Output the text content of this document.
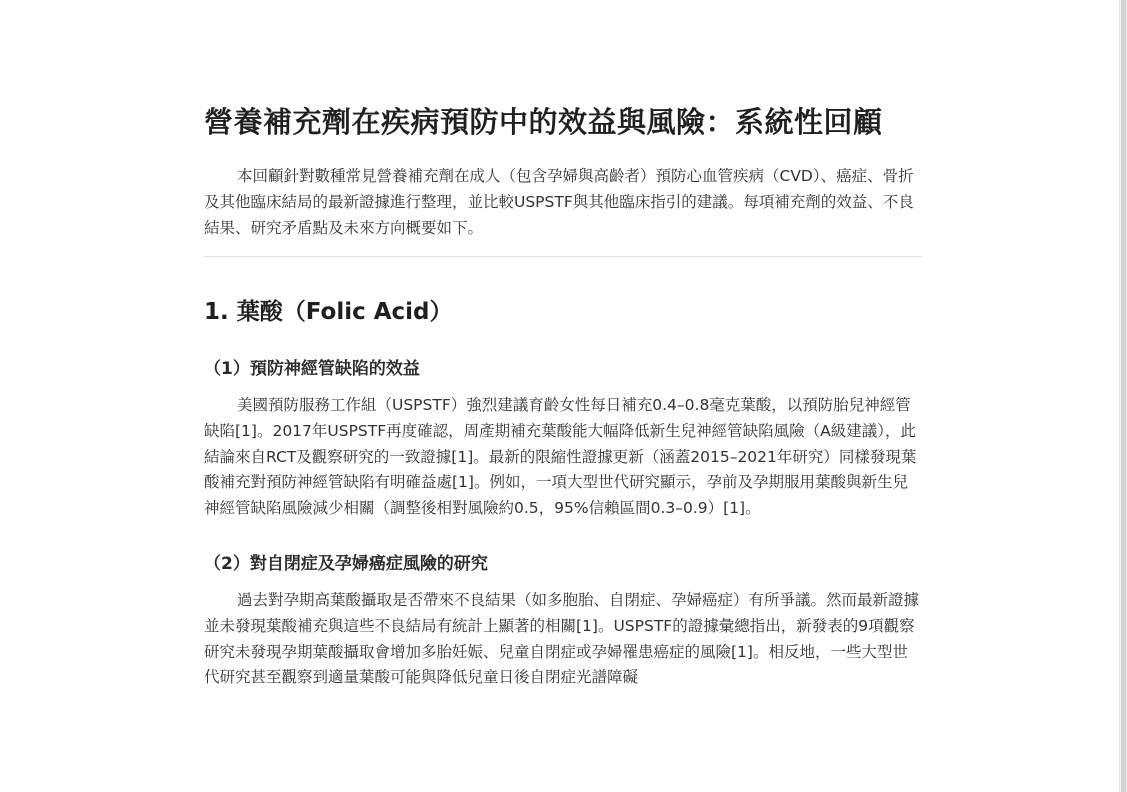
營養補充劑在疾病預防中的效益與風險：系統性回顧

本回顧針對數種常見營養補充劑在成人（包含孕婦與高齡者）預防心血管疾病（CVD）、癌症、骨折及其他臨床結局的最新證據進行整理，並比較USPSTF與其他臨床指引的建議。每項補充劑的效益、不良結果、研究矛盾點及未來方向概要如下。

1. 葉酸（Folic Acid）
（1）預防神經管缺陷的效益

美國預防服務工作組（USPSTF）強烈建議育齡女性每日補充0.4–0.8毫克葉酸，以預防胎兒神經管缺陷[1]。2017年USPSTF再度確認，周產期補充葉酸能大幅降低新生兒神經管缺陷風險（A級建議），此結論來自RCT及觀察研究的一致證據[1]。最新的限縮性證據更新（涵蓋2015–2021年研究）同樣發現葉酸補充對預防神經管缺陷有明確益處[1]。例如，一項大型世代研究顯示，孕前及孕期服用葉酸與新生兒神經管缺陷風險減少相關（調整後相對風險約0.5，95%信賴區間0.3–0.9）[1]。

（2）對自閉症及孕婦癌症風險的研究

過去對孕期高葉酸攝取是否帶來不良結果（如多胞胎、自閉症、孕婦癌症）有所爭議。然而最新證據並未發現葉酸補充與這些不良結局有統計上顯著的相關[1]。USPSTF的證據彙總指出，新發表的9項觀察研究未發現孕期葉酸攝取會增加多胎妊娠、兒童自閉症或孕婦罹患癌症的風險[1]。相反地，一些大型世代研究甚至觀察到適量葉酸可能與降低兒童日後自閉症光譜障礙
